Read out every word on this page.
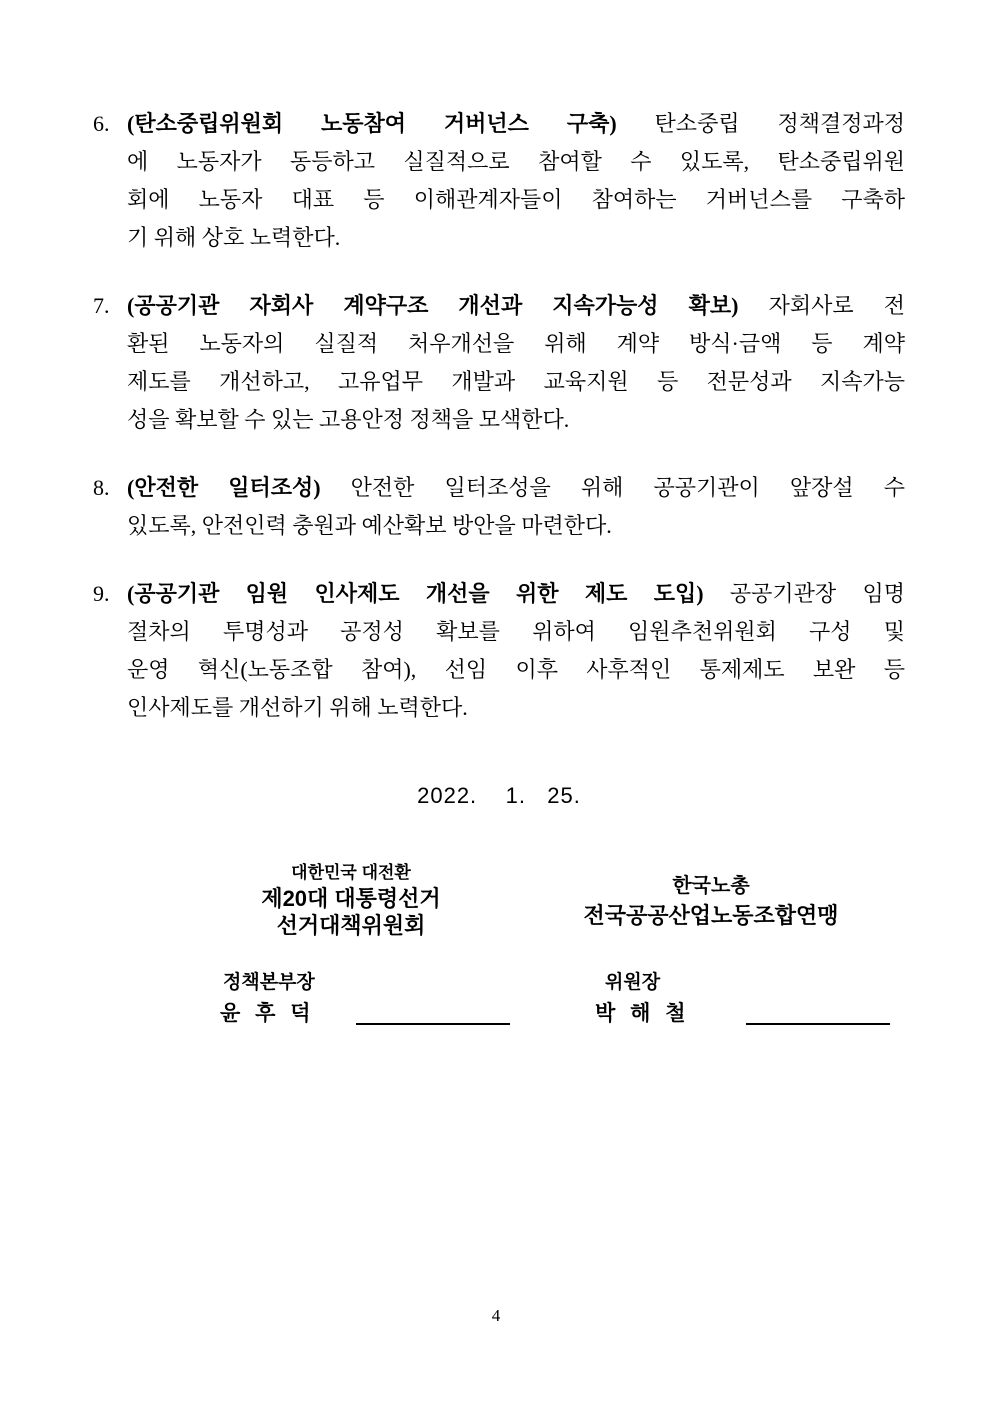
6. (탄소중립위원회 노동참여 거버넌스 구축) 탄소중립 정책결정과정
에 노동자가 동등하고 실질적으로 참여할 수 있도록, 탄소중립위원
회에 노동자 대표 등 이해관계자들이 참여하는 거버넌스를 구축하
기 위해 상호 노력한다.
7. (공공기관 자회사 계약구조 개선과 지속가능성 확보) 자회사로 전
환된 노동자의 실질적 처우개선을 위해 계약 방식·금액 등 계약
제도를 개선하고, 고유업무 개발과 교육지원 등 전문성과 지속가능
성을 확보할 수 있는 고용안정 정책을 모색한다.
8. (안전한 일터조성) 안전한 일터조성을 위해 공공기관이 앞장설 수
있도록, 안전인력 충원과 예산확보 방안을 마련한다.
9. (공공기관 임원 인사제도 개선을 위한 제도 도입) 공공기관장 임명
절차의 투명성과 공정성 확보를 위하여 임원추천위원회 구성 및
운영 혁신(노동조합 참여), 선임 이후 사후적인 통제제도 보완 등
인사제도를 개선하기 위해 노력한다.
2022.    1.   25.
대한민국 대전환
제20대 대통령선거
선거대책위원회
한국노총
전국공공산업노동조합연맹
정책본부장
윤 후 덕
위원장
박 해 철
4
